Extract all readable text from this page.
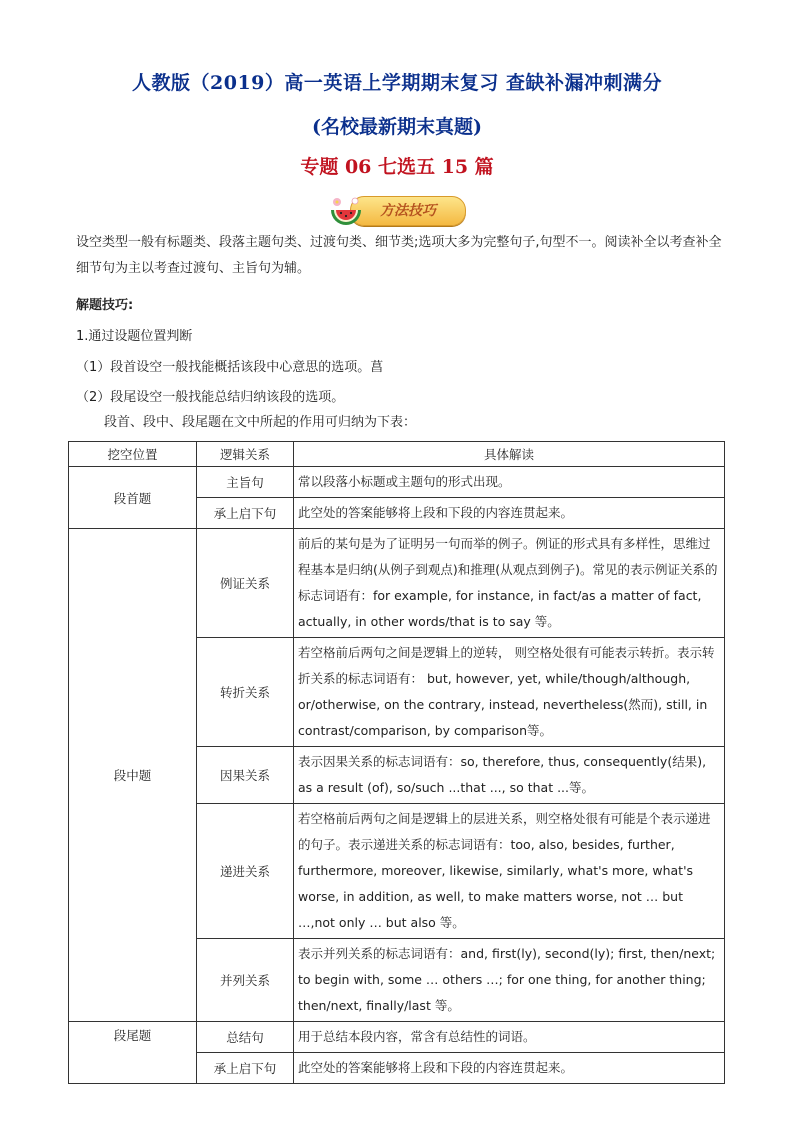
人教版（2019）高一英语上学期期末复习 查缺补漏冲刺满分
(名校最新期末真题)
专题 06 七选五 15 篇
方法技巧

设空类型一般有标题类、段落主题句类、过渡句类、细节类;选项大多为完整句子,句型不一。阅读补全以考查补全细节句为主以考查过渡句、主旨句为辅。

解题技巧:

1.通过设题位置判断

（1）段首设空一般找能概括该段中心意思的选项。菖

（2）段尾设空一般找能总结归纳该段的选项。

段首、段中、段尾题在文中所起的作用可归纳为下表：

挖空位置	逻辑关系	具体解读
段首题	主旨句	常以段落小标题或主题句的形式出现。
	承上启下句	此空处的答案能够将上段和下段的内容连贯起来。
段中题	例证关系	前后的某句是为了证明另一句而举的例子。例证的形式具有多样性，思维过程基本是归纳(从例子到观点)和推理(从观点到例子)。常见的表示例证关系的标志词语有：for example, for instance, in fact/as a matter of fact, actually, in other words/that is to say 等。
	转折关系	若空格前后两句之间是逻辑上的逆转， 则空格处很有可能表示转折。表示转折关系的标志词语有： but, however, yet, while/though/although, or/otherwise, on the contrary, instead, nevertheless(然而), still, in contrast/comparison, by comparison等。
	因果关系	表示因果关系的标志词语有：so, therefore, thus, consequently(结果), as a result (of), so/such ...that ..., so that ...等。
	递进关系	若空格前后两句之间是逻辑上的层进关系，则空格处很有可能是个表示递进的句子。表示递进关系的标志词语有：too, also, besides, further, furthermore, moreover, likewise, similarly, what's more, what's worse, in addition, as well, to make matters worse, not … but …,not only … but also 等。
	并列关系	表示并列关系的标志词语有：and, first(ly), second(ly); first, then/next; to begin with, some … others …; for one thing, for another thing; then/next, finally/last 等。
段尾题	总结句	用于总结本段内容，常含有总结性的词语。
	承上启下句	此空处的答案能够将上段和下段的内容连贯起来。
